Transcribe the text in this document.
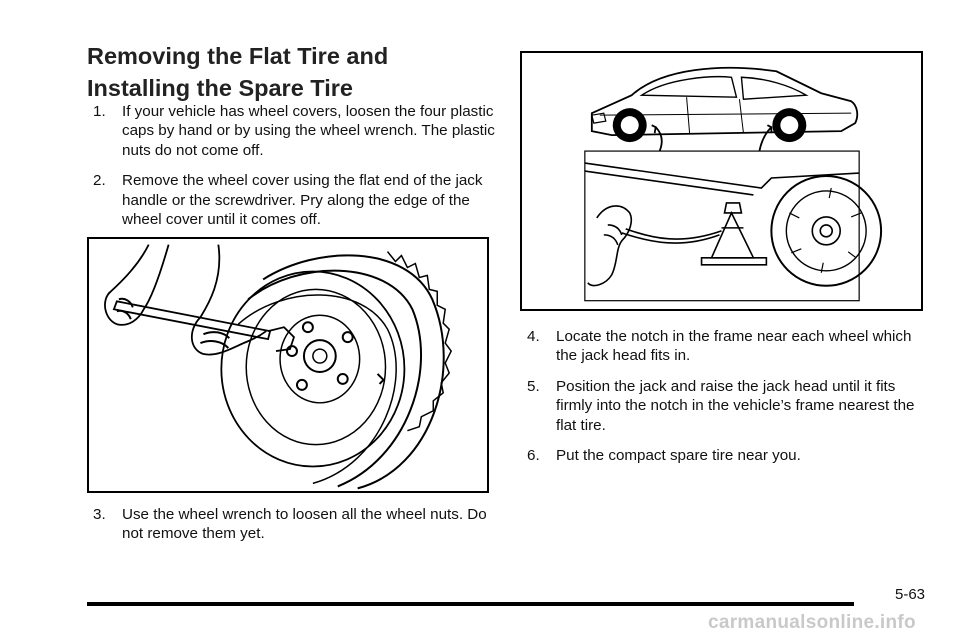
Removing the Flat Tire and
Installing the Spare Tire
1. If your vehicle has wheel covers, loosen the four plastic caps by hand or by using the wheel wrench. The plastic nuts do not come off.
2. Remove the wheel cover using the flat end of the jack handle or the screwdriver. Pry along the edge of the wheel cover until it comes off.
3. Use the wheel wrench to loosen all the wheel nuts. Do not remove them yet.
4. Locate the notch in the frame near each wheel which the jack head fits in.
5. Position the jack and raise the jack head until it fits firmly into the notch in the vehicle’s frame nearest the flat tire.
6. Put the compact spare tire near you.
5-63
carmanualsonline.info
